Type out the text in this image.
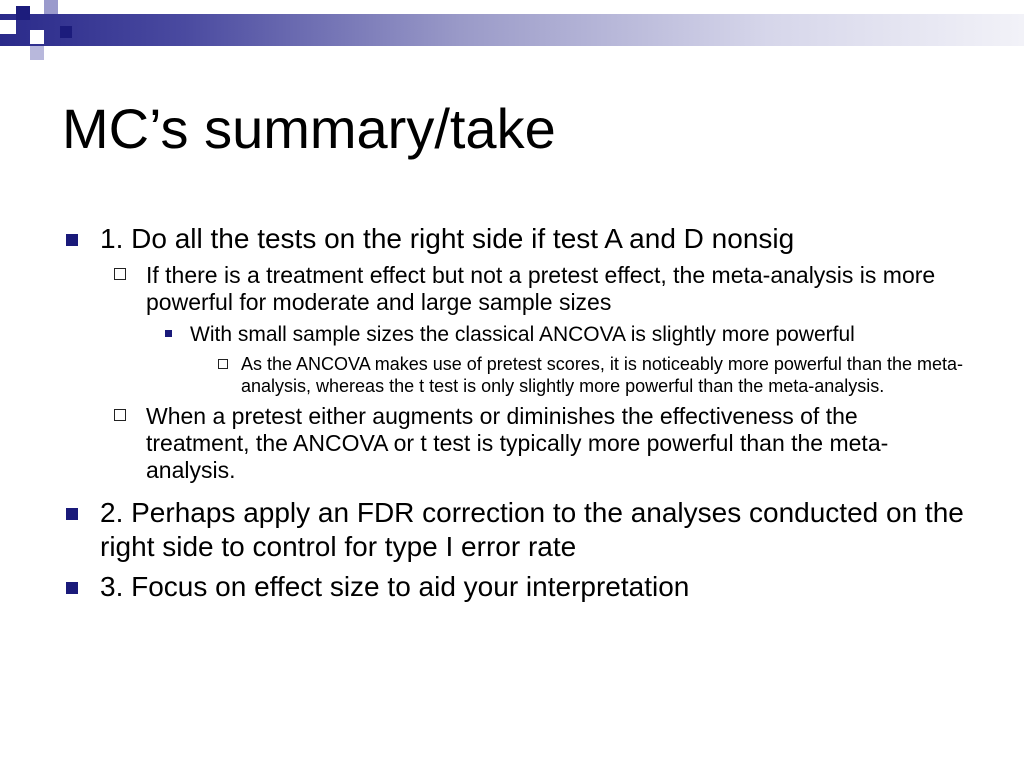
MC’s summary/take
1. Do all the tests on the right side if test A and D nonsig
If there is a treatment effect but not a pretest effect, the meta-analysis is more powerful for moderate and large sample sizes
With small sample sizes the classical ANCOVA is slightly more powerful
As the ANCOVA makes use of pretest scores, it is noticeably more powerful than the meta-analysis, whereas the t test is only slightly more powerful than the meta-analysis.
When a pretest either augments or diminishes the effectiveness of the treatment, the ANCOVA or t test is typically more powerful than the meta-analysis.
2. Perhaps apply an FDR correction to the analyses conducted on the right side to control for type I error rate
3. Focus on effect size to aid your interpretation
